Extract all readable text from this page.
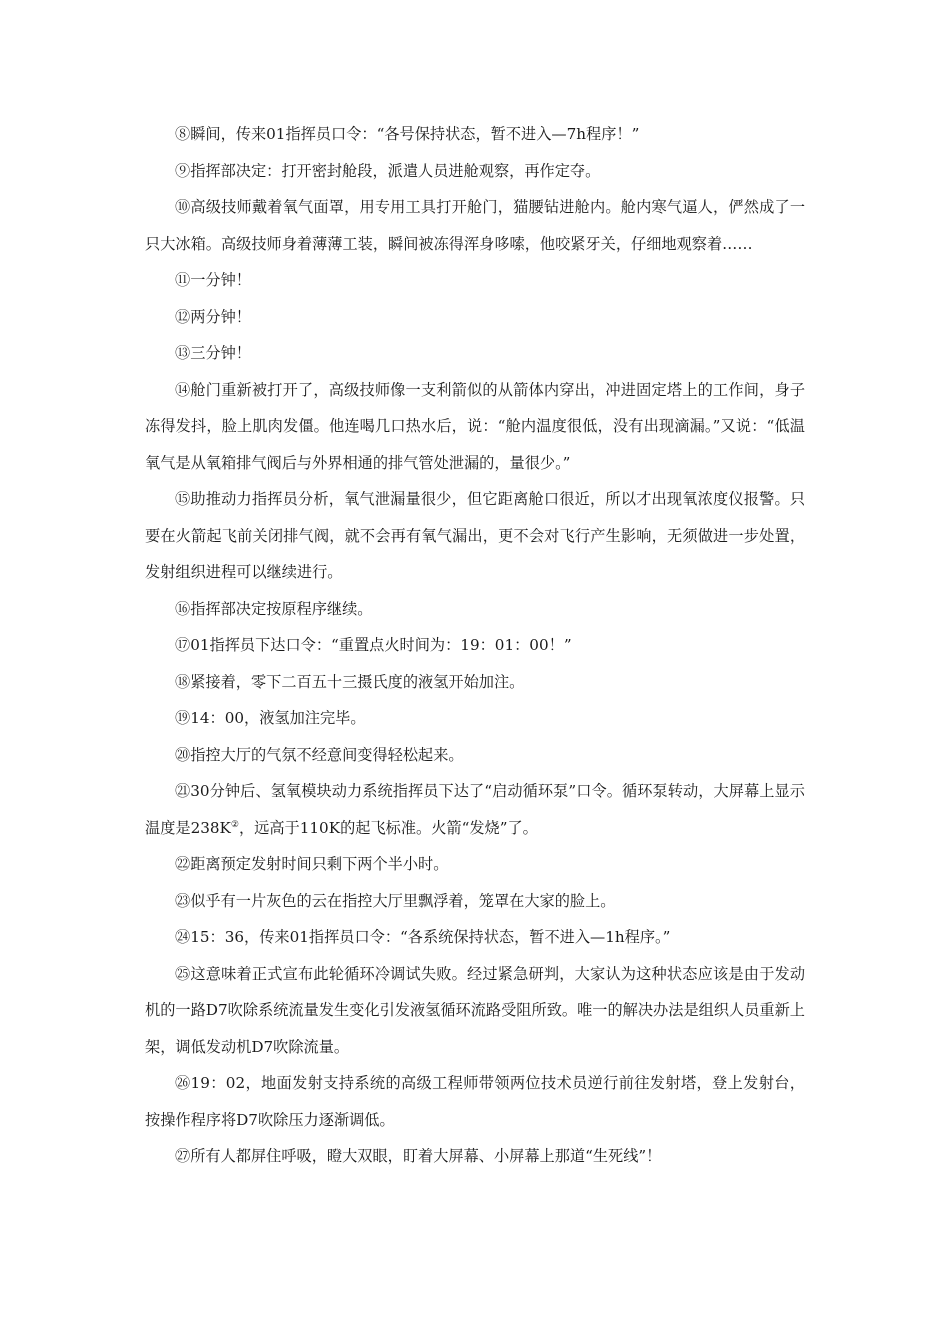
⑧瞬间，传来01指挥员口令：“各号保持状态，暂不进入—7h程序！”

⑨指挥部决定：打开密封舱段，派遣人员进舱观察，再作定夺。

⑩高级技师戴着氧气面罩，用专用工具打开舱门，猫腰钻进舱内。舱内寒气逼人，俨然成了一只大冰箱。高级技师身着薄薄工装，瞬间被冻得浑身哆嗦，他咬紧牙关，仔细地观察着……

⑪一分钟！

⑫两分钟！

⑬三分钟！

⑭舱门重新被打开了，高级技师像一支利箭似的从箭体内穿出，冲进固定塔上的工作间，身子冻得发抖，脸上肌肉发僵。他连喝几口热水后，说：“舱内温度很低，没有出现滴漏。”又说：“低温氧气是从氧箱排气阀后与外界相通的排气管处泄漏的，量很少。”

⑮助推动力指挥员分析，氧气泄漏量很少，但它距离舱口很近，所以才出现氧浓度仪报警。只要在火箭起飞前关闭排气阀，就不会再有氧气漏出，更不会对飞行产生影响，无须做进一步处置，发射组织进程可以继续进行。

⑯指挥部决定按原程序继续。

⑰01指挥员下达口令：“重置点火时间为：19：01：00！”

⑱紧接着，零下二百五十三摄氏度的液氢开始加注。

⑲14：00，液氢加注完毕。

⑳指控大厅的气氛不经意间变得轻松起来。

㉑30分钟后、氢氧模块动力系统指挥员下达了“启动循环泵”口令。循环泵转动，大屏幕上显示温度是238K②，远高于110K的起飞标准。火箭“发烧”了。

㉒距离预定发射时间只剩下两个半小时。

㉓似乎有一片灰色的云在指控大厅里飘浮着，笼罩在大家的脸上。

㉔15：36，传来01指挥员口令：“各系统保持状态，暂不进入—1h程序。”

㉕这意味着正式宣布此轮循环冷调试失败。经过紧急研判，大家认为这种状态应该是由于发动机的一路D7吹除系统流量发生变化引发液氢循环流路受阻所致。唯一的解决办法是组织人员重新上架，调低发动机D7吹除流量。

㉖19：02，地面发射支持系统的高级工程师带领两位技术员逆行前往发射塔，登上发射台，按操作程序将D7吹除压力逐渐调低。

㉗所有人都屏住呼吸，瞪大双眼，盯着大屏幕、小屏幕上那道“生死线”！
